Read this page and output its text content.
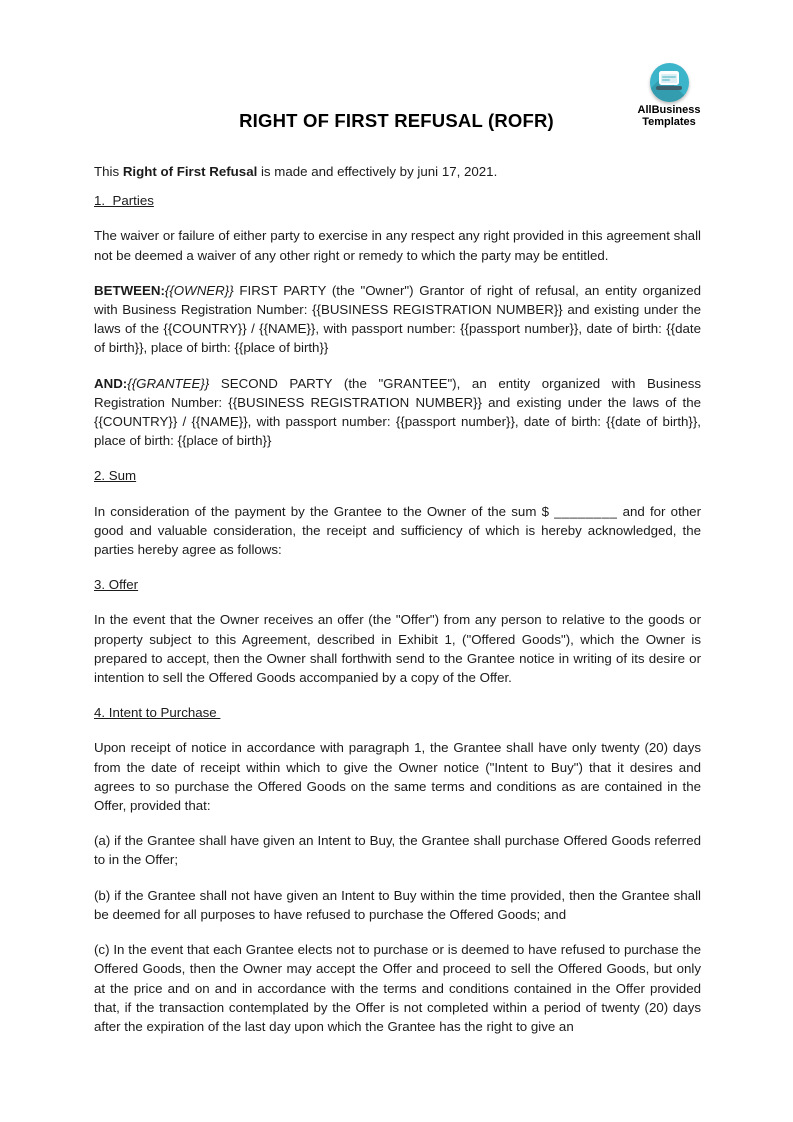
AllBusiness
Templates
RIGHT OF FIRST REFUSAL (ROFR)

This Right of First Refusal is made and effectively by juni 17, 2021.

1.  Parties

The waiver or failure of either party to exercise in any respect any right provided in this agreement shall not be deemed a waiver of any other right or remedy to which the party may be entitled.

BETWEEN:{{OWNER}} FIRST PARTY (the "Owner") Grantor of right of refusal, an entity organized with Business Registration Number: {{BUSINESS REGISTRATION NUMBER}} and existing under the laws of the {{COUNTRY}} / {{NAME}}, with passport number: {{passport number}}, date of birth: {{date of birth}}, place of birth: {{place of birth}}

AND:{{GRANTEE}} SECOND PARTY (the "GRANTEE"), an entity organized with Business Registration Number: {{BUSINESS REGISTRATION NUMBER}} and existing under the laws of the {{COUNTRY}} / {{NAME}}, with passport number: {{passport number}}, date of birth: {{date of birth}}, place of birth: {{place of birth}}

2. Sum

In consideration of the payment by the Grantee to the Owner of the sum $ ________ and for other good and valuable consideration, the receipt and sufficiency of which is hereby acknowledged, the parties hereby agree as follows:

3. Offer

In the event that the Owner receives an offer (the "Offer") from any person to relative to the goods or property subject to this Agreement, described in Exhibit 1, ("Offered Goods"), which the Owner is prepared to accept, then the Owner shall forthwith send to the Grantee notice in writing of its desire or intention to sell the Offered Goods accompanied by a copy of the Offer.

4. Intent to Purchase

Upon receipt of notice in accordance with paragraph 1, the Grantee shall have only twenty (20) days from the date of receipt within which to give the Owner notice ("Intent to Buy") that it desires and agrees to so purchase the Offered Goods on the same terms and conditions as are contained in the Offer, provided that:

(a) if the Grantee shall have given an Intent to Buy, the Grantee shall purchase Offered Goods referred to in the Offer;

(b) if the Grantee shall not have given an Intent to Buy within the time provided, then the Grantee shall be deemed for all purposes to have refused to purchase the Offered Goods; and

(c) In the event that each Grantee elects not to purchase or is deemed to have refused to purchase the Offered Goods, then the Owner may accept the Offer and proceed to sell the Offered Goods, but only at the price and on and in accordance with the terms and conditions contained in the Offer provided that, if the transaction contemplated by the Offer is not completed within a period of twenty (20) days after the expiration of the last day upon which the Grantee has the right to give an
